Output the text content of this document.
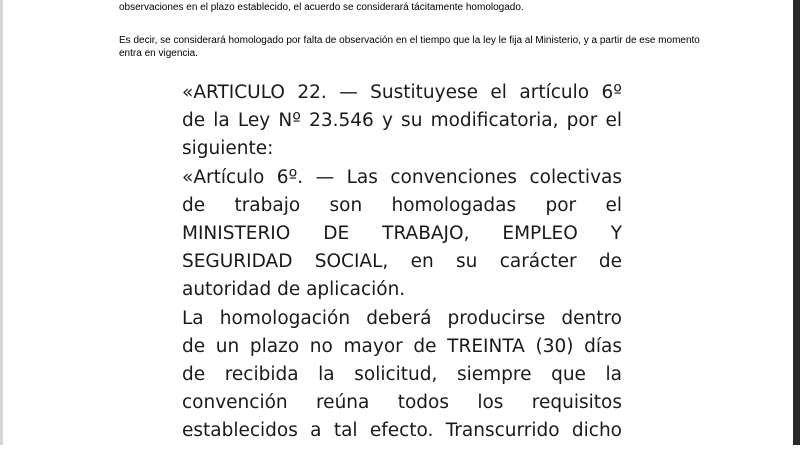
observaciones en el plazo establecido, el acuerdo se considerará tácitamente homologado.
Es decir, se considerará homologado por falta de observación en el tiempo que la ley le fija al Ministerio, y a partir de ese momento entra en vigencia.
«ARTICULO 22. — Sustituyese el artículo 6º
de la Ley Nº 23.546 y su modificatoria, por el
siguiente:
«Artículo 6º. — Las convenciones colectivas
de trabajo son homologadas por el
MINISTERIO DE TRABAJO, EMPLEO Y
SEGURIDAD SOCIAL, en su carácter de
autoridad de aplicación.
La homologación deberá producirse dentro
de un plazo no mayor de TREINTA (30) días
de recibida la solicitud, siempre que la
convención reúna todos los requisitos
establecidos a tal efecto. Transcurrido dicho
